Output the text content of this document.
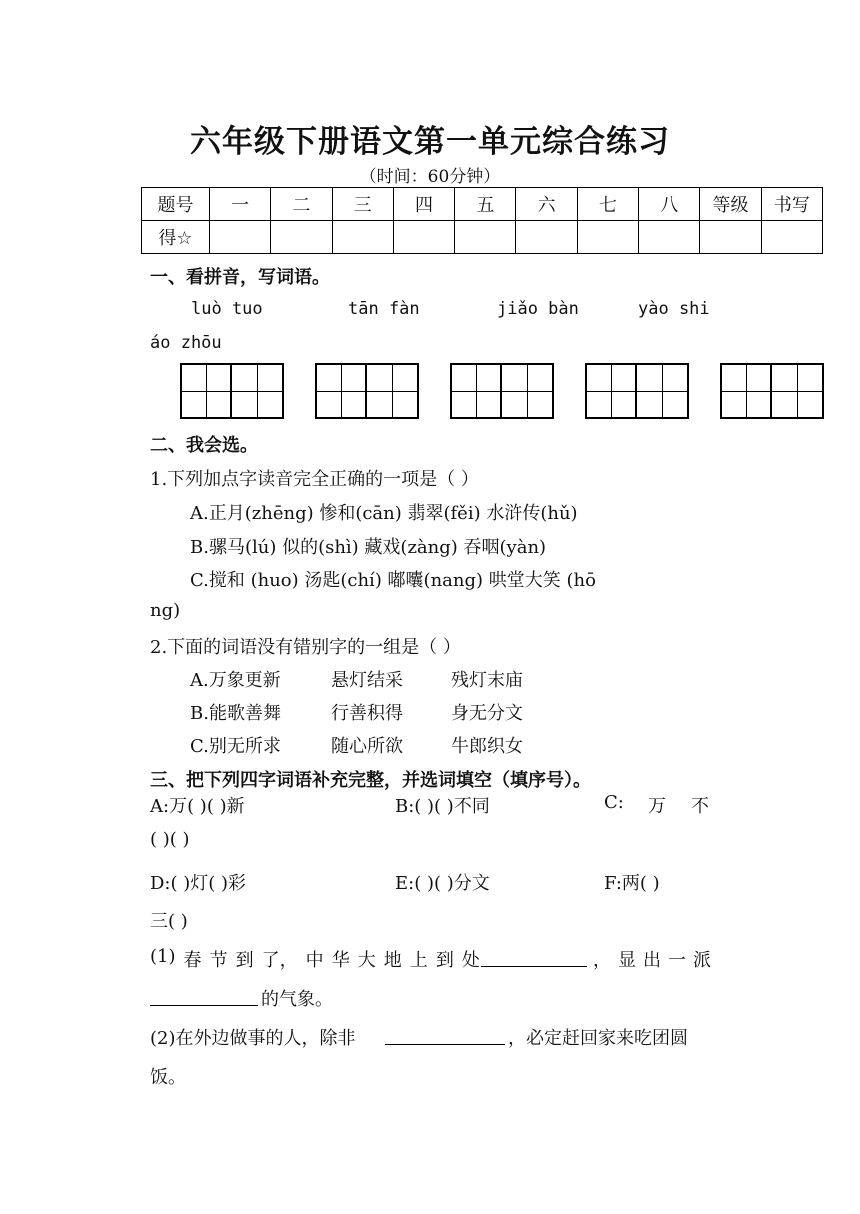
六年级下册语文第一单元综合练习
（时间：60分钟）
题号	一	二	三	四	五	六	七	八	等级	书写
得☆										
一、看拼音，写词语。
luò tuo	tān fàn	jiǎo bàn	yào shi
áo zhōu
二、我会选。
1.下列加点字读音完全正确的一项是（ ）
A.正月(zhēng) 惨和(cān) 翡翠(fěi) 水浒传(hǔ)
B.骡马(lú) 似的(shì) 藏戏(zàng) 吞咽(yàn)
C.搅和 (huo) 汤匙(chí) 嘟囔(nang) 哄堂大笑 (hō
ng)
2.下面的词语没有错别字的一组是（ ）
A.万象更新	悬灯结采	残灯末庙
B.能歌善舞	行善积得	身无分文
C.别无所求	随心所欲	牛郎织女
三、把下列四字词语补充完整，并选词填空（填序号）。
A:万( )( )新	B:( )( )不同	C: 万 不
( )( )
D:( )灯( )彩	E:( )( )分文	F:两( )
三( )
(1) 春 节 到 了， 中 华 大 地 上 到 处	， 显 出 一 派
的气象。
(2)在外边做事的人，除非	，必定赶回家来吃团圆
饭。
